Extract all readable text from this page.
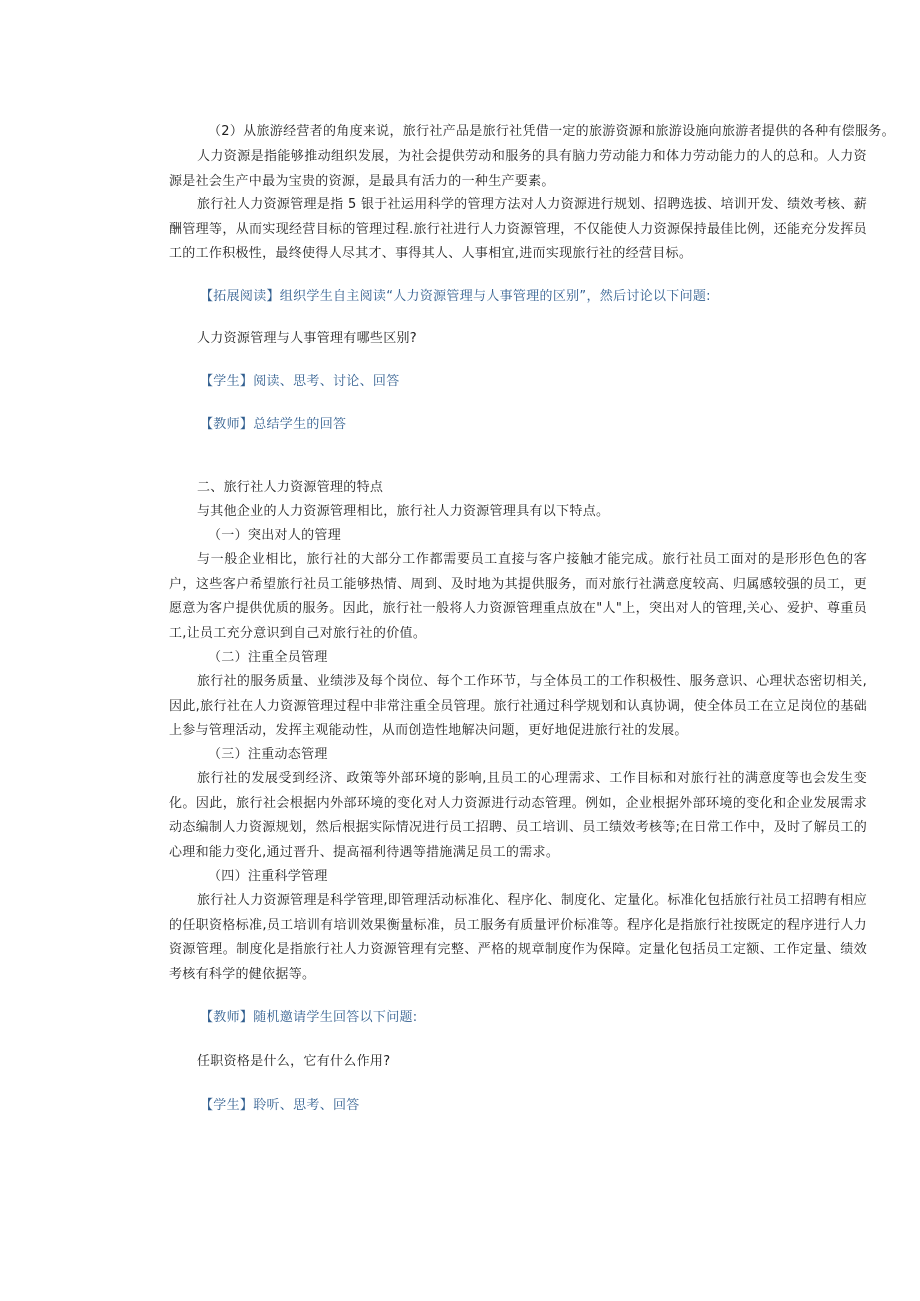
（2）从旅游经营者的角度来说，旅行社产品是旅行社凭借一定的旅游资源和旅游设施向旅游者提供的各种有偿服务。
人力资源是指能够推动组织发展，为社会提供劳动和服务的具有脑力劳动能力和体力劳动能力的人的总和。人力资源是社会生产中最为宝贵的资源，是最具有活力的一种生产要素。
旅行社人力资源管理是指 5 银于社运用科学的管理方法对人力资源进行规划、招聘选拔、培训开发、绩效考核、薪酬管理等，从而实现经营目标的管理过程.旅行社进行人力资源管理，不仅能使人力资源保持最佳比例，还能充分发挥员工的工作积极性，最终使得人尽其才、事得其人、人事相宜,进而实现旅行社的经营目标。
【拓展阅读】组织学生自主阅读“人力资源管理与人事管理的区别”，然后讨论以下问题:
人力资源管理与人事管理有哪些区别?
【学生】阅读、思考、讨论、回答
【教师】总结学生的回答
二、旅行社人力资源管理的特点
与其他企业的人力资源管理相比，旅行社人力资源管理具有以下特点。
（一）突出对人的管理
与一般企业相比，旅行社的大部分工作都需要员工直接与客户接触才能完成。旅行社员工面对的是形形色色的客户，这些客户希望旅行社员工能够热情、周到、及时地为其提供服务，而对旅行社满意度较高、归属感较强的员工，更愿意为客户提供优质的服务。因此，旅行社一般将人力资源管理重点放在"人"上，突出对人的管理,关心、爱护、尊重员工,让员工充分意识到自己对旅行社的价值。
（二）注重全员管理
旅行社的服务质量、业绩涉及每个岗位、每个工作环节，与全体员工的工作积极性、服务意识、心理状态密切相关,因此,旅行社在人力资源管理过程中非常注重全员管理。旅行社通过科学规划和认真协调，使全体员工在立足岗位的基础上参与管理活动，发挥主观能动性，从而创造性地解决问题，更好地促进旅行社的发展。
（三）注重动态管理
旅行社的发展受到经济、政策等外部环境的影响,且员工的心理需求、工作目标和对旅行社的满意度等也会发生变化。因此，旅行社会根据内外部环境的变化对人力资源进行动态管理。例如，企业根据外部环境的变化和企业发展需求动态编制人力资源规划，然后根据实际情况进行员工招聘、员工培训、员工绩效考核等;在日常工作中，及时了解员工的心理和能力变化,通过晋升、提高福利待遇等措施满足员工的需求。
（四）注重科学管理
旅行社人力资源管理是科学管理,即管理活动标准化、程序化、制度化、定量化。标准化包括旅行社员工招聘有相应的任职资格标准,员工培训有培训效果衡量标准，员工服务有质量评价标准等。程序化是指旅行社按既定的程序进行人力资源管理。制度化是指旅行社人力资源管理有完整、严格的规章制度作为保障。定量化包括员工定额、工作定量、绩效考核有科学的健依据等。
【教师】随机邀请学生回答以下问题:
任职资格是什么，它有什么作用?
【学生】聆听、思考、回答
